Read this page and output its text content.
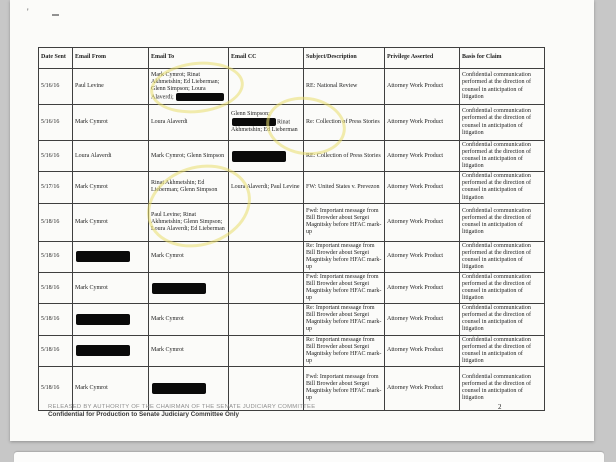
'
Date Sent	Email From	Email To	Email CC	Subject/Description	Privilege Asserted	Basis for Claim
5/16/16	Paul Levine	Mark Cymrot; Rinat Akhmetshin; Ed Lieberman; Glenn Simpson; Loura Alaverdi;		RE: National Review	Attorney Work Product	Confidential communication performed at the direction of counsel in anticipation of litigation
5/16/16	Mark Cymrot	Loura Alaverdi	Glenn Simpson; Rinat Akhmetshin; Ed Lieberman	Re: Collection of Press Stories	Attorney Work Product	Confidential communication performed at the direction of counsel in anticipation of litigation
5/16/16	Loura Alaverdi	Mark Cymrot; Glenn Simpson		RE: Collection of Press Stories	Attorney Work Product	Confidential communication performed at the direction of counsel in anticipation of litigation
5/17/16	Mark Cymrot	Rinat Akhmetshin; Ed Lieberman; Glenn Simpson	Loura Alaverdi; Paul Levine	FW: United States v. Prevezon	Attorney Work Product	Confidential communication performed at the direction of counsel in anticipation of litigation
5/18/16	Mark Cymrot	Paul Levine; Rinat Akhmetshin; Glenn Simpson; Loura Alaverdi; Ed Lieberman		Fwd: Important message from Bill Browder about Sergei Magnitsky before HFAC mark-up	Attorney Work Product	Confidential communication performed at the direction of counsel in anticipation of litigation
5/18/16		Mark Cymrot		Re: Important message from Bill Browder about Sergei Magnitsky before HFAC mark-up	Attorney Work Product	Confidential communication performed at the direction of counsel in anticipation of litigation
5/18/16	Mark Cymrot			Fwd: Important message from Bill Browder about Sergei Magnitsky before HFAC mark-up	Attorney Work Product	Confidential communication performed at the direction of counsel in anticipation of litigation
5/18/16		Mark Cymrot		Re: Important message from Bill Browder about Sergei Magnitsky before HFAC mark-up	Attorney Work Product	Confidential communication performed at the direction of counsel in anticipation of litigation
5/18/16		Mark Cymrot		Re: Important message from Bill Browder about Sergei Magnitsky before HFAC mark-up	Attorney Work Product	Confidential communication performed at the direction of counsel in anticipation of litigation
5/18/16	Mark Cymrot			Fwd: Important message from Bill Browder about Sergei Magnitsky before HFAC mark-up	Attorney Work Product	Confidential communication performed at the direction of counsel in anticipation of litigation
RELEASED BY AUTHORITY OF THE CHAIRMAN OF THE SENATE JUDICIARY COMMITTEE
Confidential for Production to Senate Judiciary Committee Only
2
